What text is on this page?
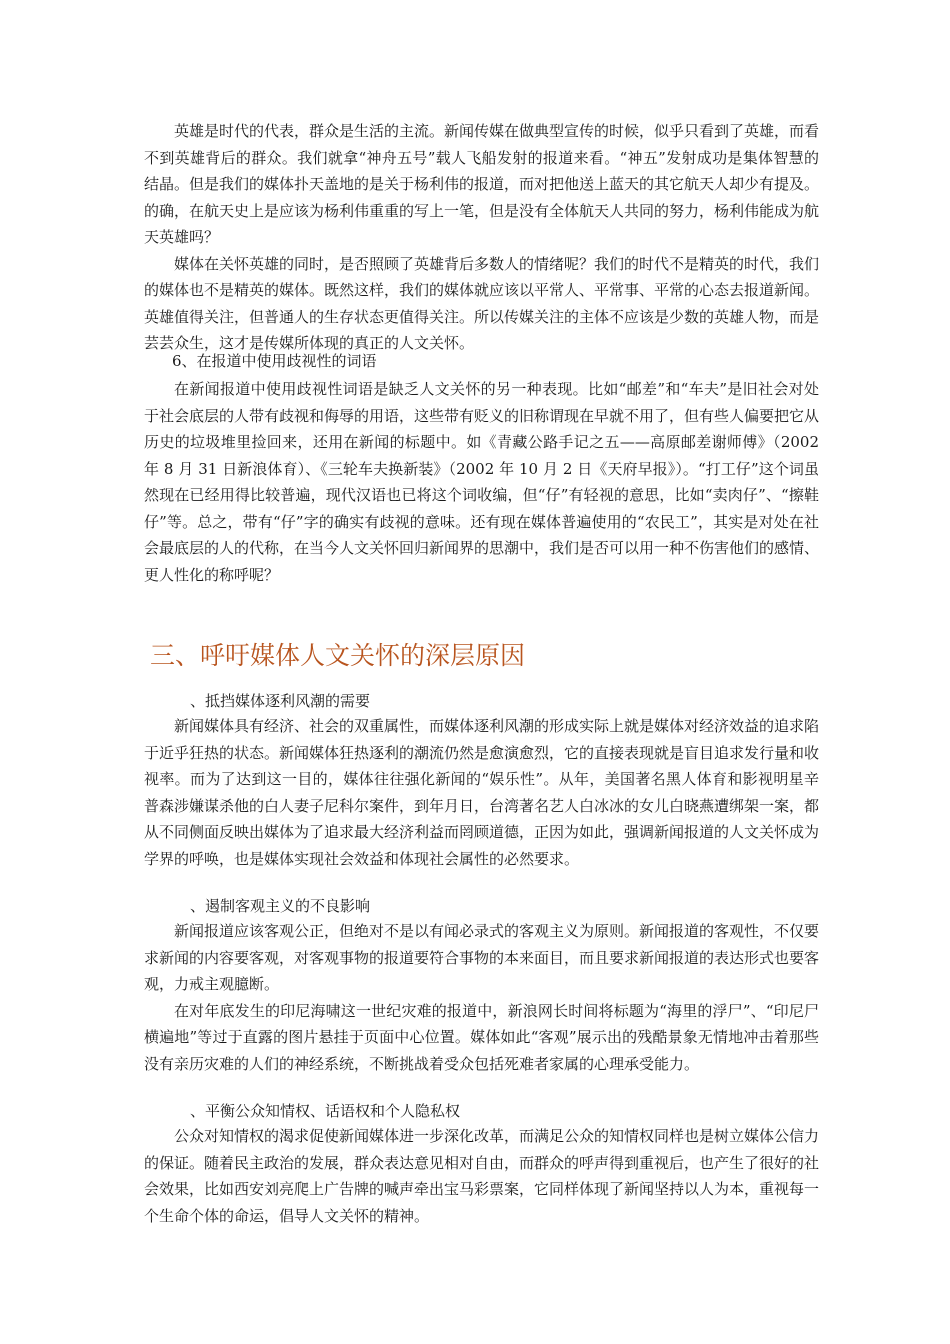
英雄是时代的代表，群众是生活的主流。新闻传媒在做典型宣传的时候，似乎只看到了英雄，而看不到英雄背后的群众。我们就拿“神舟五号”载人飞船发射的报道来看。“神五”发射成功是集体智慧的结晶。但是我们的媒体扑天盖地的是关于杨利伟的报道，而对把他送上蓝天的其它航天人却少有提及。的确，在航天史上是应该为杨利伟重重的写上一笔，但是没有全体航天人共同的努力，杨利伟能成为航天英雄吗？

媒体在关怀英雄的同时，是否照顾了英雄背后多数人的情绪呢？我们的时代不是精英的时代，我们的媒体也不是精英的媒体。既然这样，我们的媒体就应该以平常人、平常事、平常的心态去报道新闻。英雄值得关注，但普通人的生存状态更值得关注。所以传媒关注的主体不应该是少数的英雄人物，而是芸芸众生，这才是传媒所体现的真正的人文关怀。

6、在报道中使用歧视性的词语

在新闻报道中使用歧视性词语是缺乏人文关怀的另一种表现。比如“邮差”和“车夫”是旧社会对处于社会底层的人带有歧视和侮辱的用语，这些带有贬义的旧称谓现在早就不用了，但有些人偏要把它从历史的垃圾堆里捡回来，还用在新闻的标题中。如《青藏公路手记之五——高原邮差谢师傅》（2002 年 8 月 31 日新浪体育）、《三轮车夫换新装》（2002 年 10 月 2 日《天府早报》）。“打工仔”这个词虽然现在已经用得比较普遍，现代汉语也已将这个词收编，但“仔”有轻视的意思，比如“卖肉仔”、“擦鞋仔”等。总之，带有“仔”字的确实有歧视的意味。还有现在媒体普遍使用的“农民工”，其实是对处在社会最底层的人的代称，在当今人文关怀回归新闻界的思潮中，我们是否可以用一种不伤害他们的感情、更人性化的称呼呢？

三、呼吁媒体人文关怀的深层原因
、抵挡媒体逐利风潮的需要

新闻媒体具有经济、社会的双重属性，而媒体逐利风潮的形成实际上就是媒体对经济效益的追求陷于近乎狂热的状态。新闻媒体狂热逐利的潮流仍然是愈演愈烈，它的直接表现就是盲目追求发行量和收视率。而为了达到这一目的，媒体往往强化新闻的“娱乐性”。从年，美国著名黑人体育和影视明星辛普森涉嫌谋杀他的白人妻子尼科尔案件，到年月日，台湾著名艺人白冰冰的女儿白晓燕遭绑架一案，都从不同侧面反映出媒体为了追求最大经济利益而罔顾道德，正因为如此，强调新闻报道的人文关怀成为学界的呼唤，也是媒体实现社会效益和体现社会属性的必然要求。

、遏制客观主义的不良影响

新闻报道应该客观公正，但绝对不是以有闻必录式的客观主义为原则。新闻报道的客观性，不仅要求新闻的内容要客观，对客观事物的报道要符合事物的本来面目，而且要求新闻报道的表达形式也要客观，力戒主观臆断。

在对年底发生的印尼海啸这一世纪灾难的报道中，新浪网长时间将标题为“海里的浮尸”、“印尼尸横遍地”等过于直露的图片悬挂于页面中心位置。媒体如此“客观”展示出的残酷景象无情地冲击着那些没有亲历灾难的人们的神经系统，不断挑战着受众包括死难者家属的心理承受能力。

、平衡公众知情权、话语权和个人隐私权

公众对知情权的渴求促使新闻媒体进一步深化改革，而满足公众的知情权同样也是树立媒体公信力的保证。随着民主政治的发展，群众表达意见相对自由，而群众的呼声得到重视后，也产生了很好的社会效果，比如西安刘亮爬上广告牌的喊声牵出宝马彩票案，它同样体现了新闻坚持以人为本，重视每一个生命个体的命运，倡导人文关怀的精神。
